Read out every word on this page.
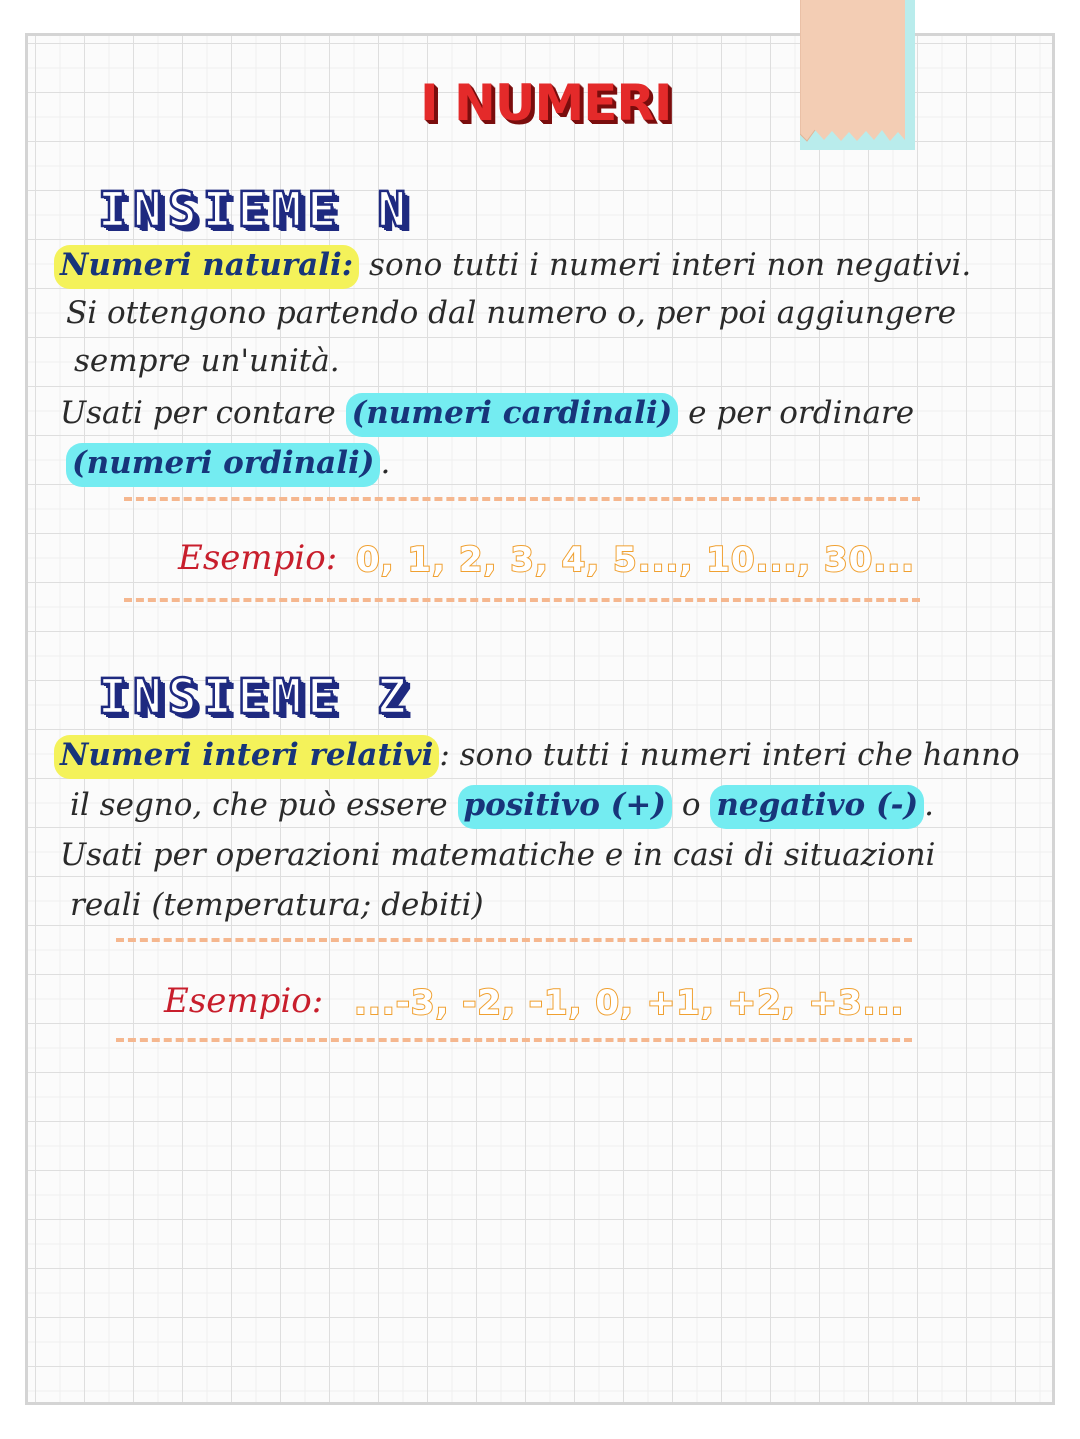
I NUMERI
INSIEME N
Numeri naturali: sono tutti i numeri interi non negativi.
Si ottengono partendo dal numero o, per poi aggiungere
sempre un'unità.
Usati per contare (numeri cardinali) e per ordinare
(numeri ordinali) .
Esempio: 0, 1, 2, 3, 4, 5..., 10..., 30...
INSIEME Z
Numeri interi relativi : sono tutti i numeri interi che hanno
il segno, che può essere positivo (+) o negativo (-) .
Usati per operazioni matematiche e in casi di situazioni
reali (temperatura; debiti)
Esempio: ...-3, -2, -1, 0, +1, +2, +3...
